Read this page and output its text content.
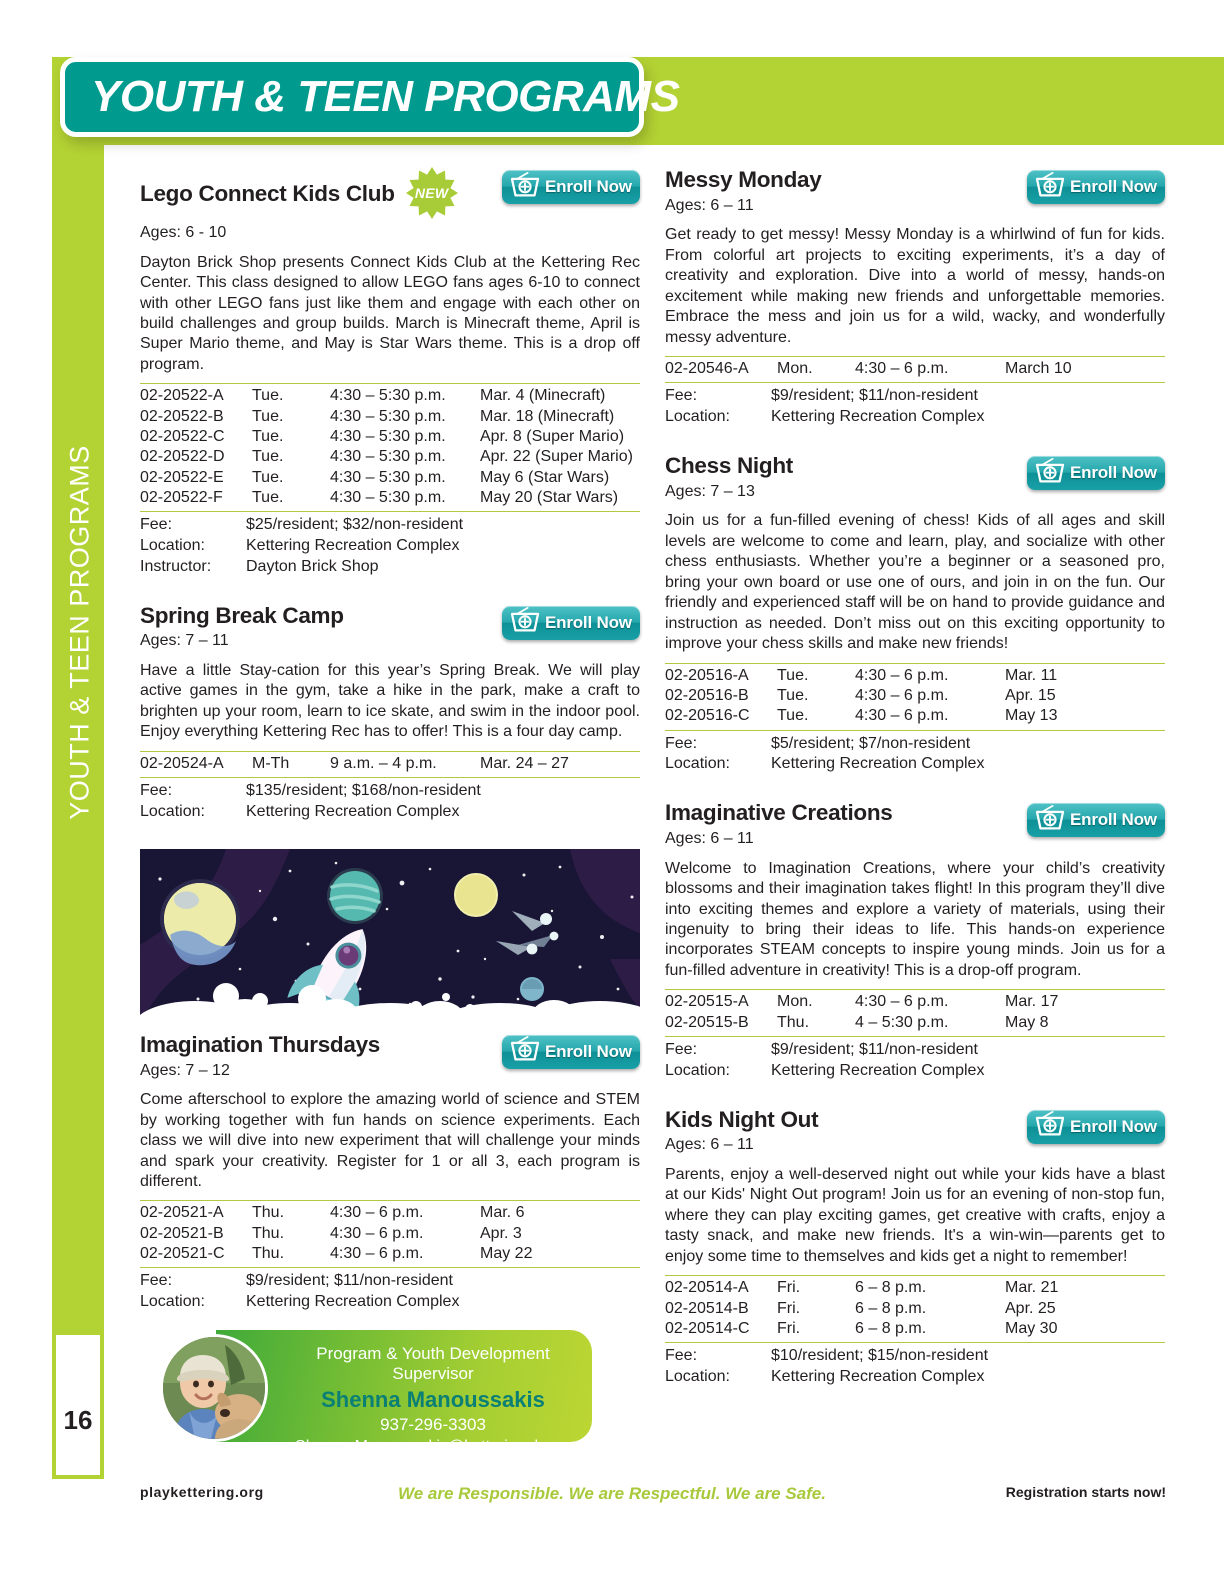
YOUTH & TEEN PROGRAMS
16
YOUTH & TEEN PROGRAMS
Lego Connect Kids Club	NEW
Ages: 6 - 10
Enroll Now
Dayton Brick Shop presents Connect Kids Club at the Kettering Rec Center. This class designed to allow LEGO fans ages 6-10 to connect with other LEGO fans just like them and engage with each other on build challenges and group builds. March is Minecraft theme, April is Super Mario theme, and May is Star Wars theme. This is a drop off program.
02-20522-A	Tue.	4:30 – 5:30 p.m.	Mar. 4 (Minecraft)
02-20522-B	Tue.	4:30 – 5:30 p.m.	Mar. 18 (Minecraft)
02-20522-C	Tue.	4:30 – 5:30 p.m.	Apr. 8 (Super Mario)
02-20522-D	Tue.	4:30 – 5:30 p.m.	Apr. 22 (Super Mario)
02-20522-E	Tue.	4:30 – 5:30 p.m.	May 6 (Star Wars)
02-20522-F	Tue.	4:30 – 5:30 p.m.	May 20 (Star Wars)
Fee:	$25/resident; $32/non-resident
Location:	Kettering Recreation Complex
Instructor:	Dayton Brick Shop
Spring Break Camp
Ages: 7 – 11
Enroll Now
Have a little Stay-cation for this year’s Spring Break. We will play active games in the gym, take a hike in the park, make a craft to brighten up your room, learn to ice skate, and swim in the indoor pool. Enjoy everything Kettering Rec has to offer! This is a four day camp.
02-20524-A	M-Th	9 a.m. – 4 p.m.	Mar. 24 – 27
Fee:	$135/resident; $168/non-resident
Location:	Kettering Recreation Complex
Imagination Thursdays
Ages: 7 – 12
Enroll Now
Come afterschool to explore the amazing world of science and STEM by working together with fun hands on science experiments. Each class we will dive into new experiment that will challenge your minds and spark your creativity. Register for 1 or all 3, each program is different.
02-20521-A	Thu.	4:30 – 6 p.m.	Mar. 6
02-20521-B	Thu.	4:30 – 6 p.m.	Apr. 3
02-20521-C	Thu.	4:30 – 6 p.m.	May 22
Fee:	$9/resident; $11/non-resident
Location:	Kettering Recreation Complex
Messy Monday
Ages: 6 – 11
Enroll Now
Get ready to get messy! Messy Monday is a whirlwind of fun for kids. From colorful art projects to exciting experiments, it’s a day of creativity and exploration. Dive into a world of messy, hands-on excitement while making new friends and unforgettable memories. Embrace the mess and join us for a wild, wacky, and wonderfully messy adventure.
02-20546-A	Mon.	4:30 – 6 p.m.	March 10
Fee:	$9/resident; $11/non-resident
Location:	Kettering Recreation Complex
Chess Night
Ages: 7 – 13
Enroll Now
Join us for a fun-filled evening of chess! Kids of all ages and skill levels are welcome to come and learn, play, and socialize with other chess enthusiasts. Whether you’re a beginner or a seasoned pro, bring your own board or use one of ours, and join in on the fun. Our friendly and experienced staff will be on hand to provide guidance and instruction as needed. Don’t miss out on this exciting opportunity to improve your chess skills and make new friends!
02-20516-A	Tue.	4:30 – 6 p.m.	Mar. 11
02-20516-B	Tue.	4:30 – 6 p.m.	Apr. 15
02-20516-C	Tue.	4:30 – 6 p.m.	May 13
Fee:	$5/resident; $7/non-resident
Location:	Kettering Recreation Complex
Imaginative Creations
Ages: 6 – 11
Enroll Now
Welcome to Imagination Creations, where your child’s creativity blossoms and their imagination takes flight! In this program they’ll dive into exciting themes and explore a variety of materials, using their ingenuity to bring their ideas to life. This hands-on experience incorporates STEAM concepts to inspire young minds. Join us for a fun-filled adventure in creativity! This is a drop-off program.
02-20515-A	Mon.	4:30 – 6 p.m.	Mar. 17
02-20515-B	Thu.	4 – 5:30 p.m.	May 8
Fee:	$9/resident; $11/non-resident
Location:	Kettering Recreation Complex
Kids Night Out
Ages: 6 – 11
Enroll Now
Parents, enjoy a well-deserved night out while your kids have a blast at our Kids' Night Out program! Join us for an evening of non-stop fun, where they can play exciting games, get creative with crafts, enjoy a tasty snack, and make new friends. It's a win-win—parents get to enjoy some time to themselves and kids get a night to remember!
02-20514-A	Fri.	6 – 8 p.m.	Mar. 21
02-20514-B	Fri.	6 – 8 p.m.	Apr. 25
02-20514-C	Fri.	6 – 8 p.m.	May 30
Fee:	$10/resident; $15/non-resident
Location:	Kettering Recreation Complex
Program & Youth Development Supervisor
Shenna Manoussakis
937-296-3303
Shenna.Manoussakis@ketteringoh.org
playkettering.org	We are Responsible. We are Respectful. We are Safe.	Registration starts now!
